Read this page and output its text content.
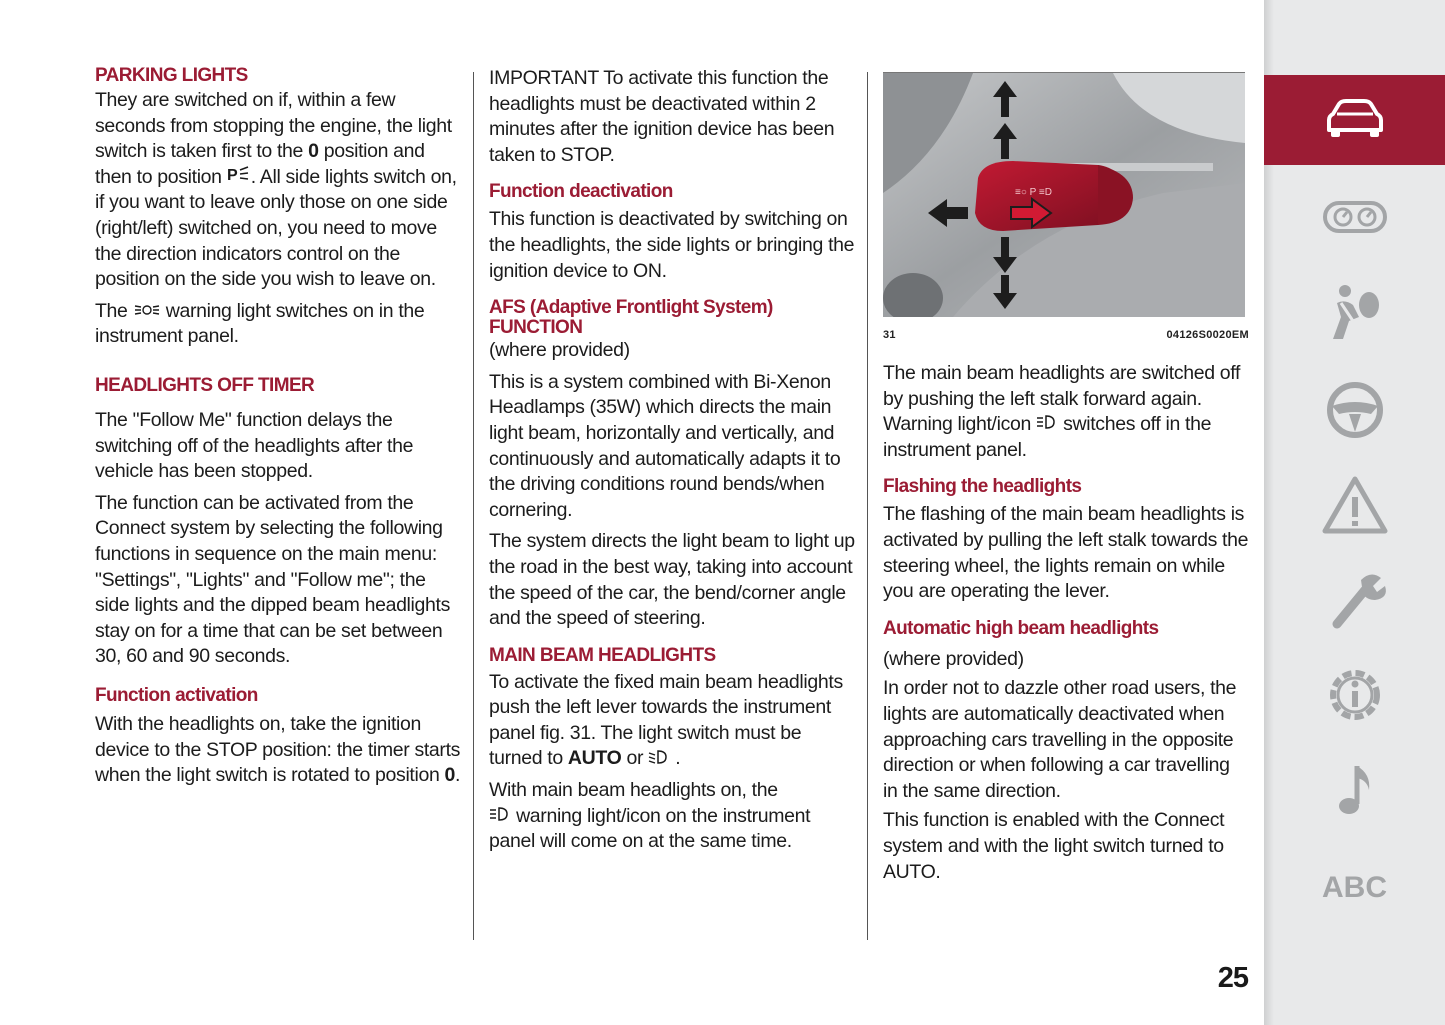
PARKING LIGHTS

They are switched on if, within a few seconds from stopping the engine, the light switch is taken first to the 0 position and then to position P . All side lights switch on, if you want to leave only those on one side (right/left) switched on, you need to move the direction indicators control on the position on the side you wish to leave on.

The warning light switches on in the instrument panel.

HEADLIGHTS OFF TIMER

The "Follow Me" function delays the switching off of the headlights after the vehicle has been stopped.

The function can be activated from the Connect system by selecting the following functions in sequence on the main menu: "Settings", "Lights" and "Follow me"; the side lights and the dipped beam headlights stay on for a time that can be set between 30, 60 and 90 seconds.

Function activation

With the headlights on, take the ignition device to the STOP position: the timer starts when the light switch is rotated to position 0.

IMPORTANT To activate this function the headlights must be deactivated within 2 minutes after the ignition device has been taken to STOP.

Function deactivation

This function is deactivated by switching on the headlights, the side lights or bringing the ignition device to ON.

AFS (Adaptive Frontlight System)
FUNCTION

(where provided)

This is a system combined with Bi-Xenon Headlamps (35W) which directs the main light beam, horizontally and vertically, and continuously and automatically adapts it to the driving conditions round bends/when cornering.

The system directs the light beam to light up the road in the best way, taking into account the speed of the car, the bend/corner angle and the speed of steering.

MAIN BEAM HEADLIGHTS

To activate the fixed main beam headlights push the left lever towards the instrument panel fig. 31. The light switch must be turned to AUTO or .

With main beam headlights on, the
warning light/icon on the instrument panel will come on at the same time.

≡○ P ≡D
31	04126S0020EM

The main beam headlights are switched off by pushing the left stalk forward again. Warning light/icon switches off in the instrument panel.

Flashing the headlights

The flashing of the main beam headlights is activated by pulling the left stalk towards the steering wheel, the lights remain on while you are operating the lever.

Automatic high beam headlights

(where provided)

In order not to dazzle other road users, the lights are automatically deactivated when approaching cars travelling in the opposite direction or when following a car travelling in the same direction.

This function is enabled with the Connect system and with the light switch turned to AUTO.	ABC
25
